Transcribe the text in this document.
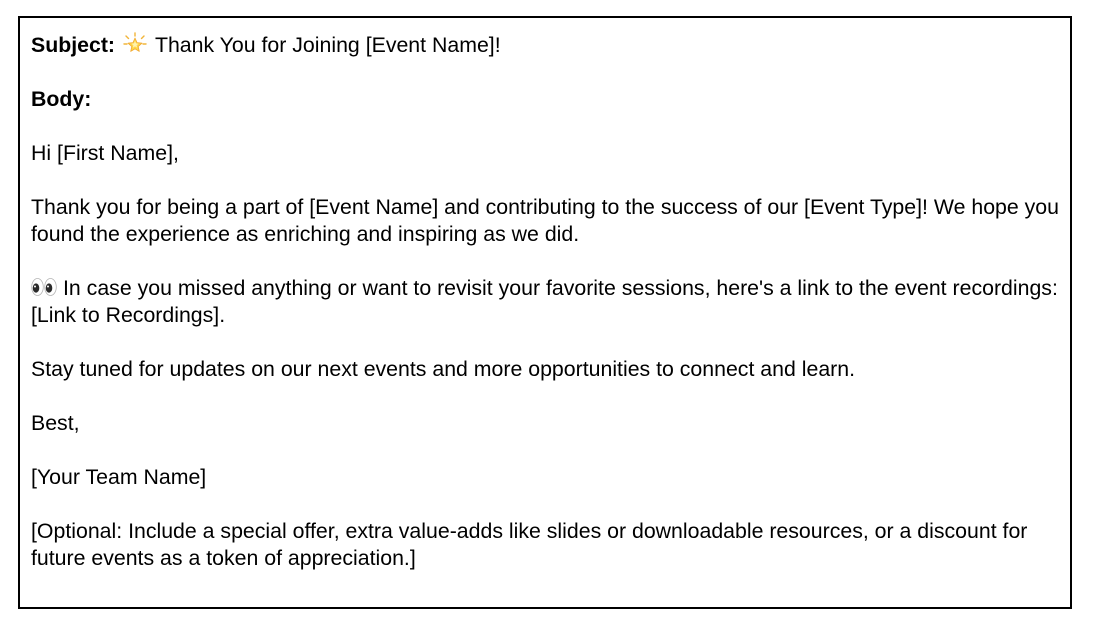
Subject: Thank You for Joining [Event Name]!

Body:

Hi [First Name],

Thank you for being a part of [Event Name] and contributing to the success of our [Event Type]! We hope you found the experience as enriching and inspiring as we did.

In case you missed anything or want to revisit your favorite sessions, here's a link to the event recordings: [Link to Recordings].

Stay tuned for updates on our next events and more opportunities to connect and learn.

Best,

[Your Team Name]

[Optional: Include a special offer, extra value-adds like slides or downloadable resources, or a discount for future events as a token of appreciation.]
